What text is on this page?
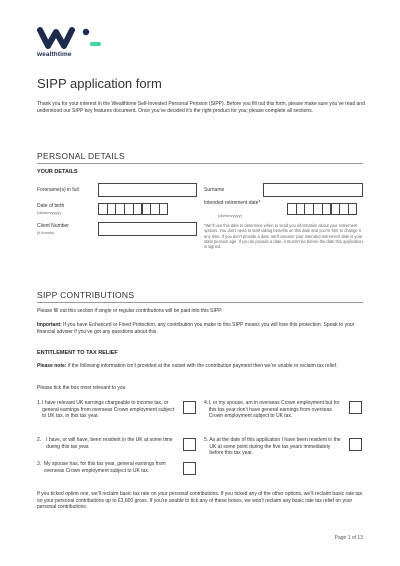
wealthtime
SIPP application form
Thank you for your interest in the Wealthtime Self-Invested Personal Pension (SIPP). Before you fill out this form, please make sure you’ve read and understood our SIPP key features document. Once you’ve decided it’s the right product for you; please complete all sections.
PERSONAL DETAILS
YOUR DETAILS
Forename(s) in full	Surname
Date of birth
(dd/mm/yyyy)
Intended retirement date*
(dd/mm/yyyy)
Client Number
(if known)
*We’ll use this date to determine when to send you information about your retirement options. You don’t need to start taking benefits on this date and you’re free to change it any time. If you don’t provide a date, we’ll assume your intended retirement date is your state pension age. If you do provide a date, it mustn’t be before the date this application is signed.
SIPP CONTRIBUTIONS
Please fill out this section if single or regular contributions will be paid into this SIPP.
Important: If you have Enhanced or Fixed Protection, any contribution you make to this SIPP means you will lose this protection. Speak to your financial adviser if you’ve got any questions about this.
ENTITLEMENT TO TAX RELIEF
Please note: if the following information isn’t provided at the outset with the contribution payment then we’re unable to reclaim tax relief.
Please tick the box most relevant to you
1. I have relevant UK earnings chargeable to income tax, or general earnings from overseas Crown employment subject to UK tax, in this tax year.
2.	I have, or will have, been resident in the UK at some time during this tax year.
3. My spouse has, for this tax year, general earnings from overseas Crown employment subject to UK tax.
4. I, or my spouse, am in overseas Crown employment but for this tax year don’t have general earnings from overseas Crown employment subject to UK tax.
5. As at the date of this application I have been resident in the UK at some point during the five tax years immediately before this tax year.
If you ticked option one, we’ll reclaim basic tax rate on your personal contributions. If you ticked any of the other options, we’ll reclaim basic rate tax on your personal contributions up to £3,600 gross. If you’re unable to tick any of these boxes, we won’t reclaim any basic rate tax relief on your personal contributions.
Page 1 of 13
